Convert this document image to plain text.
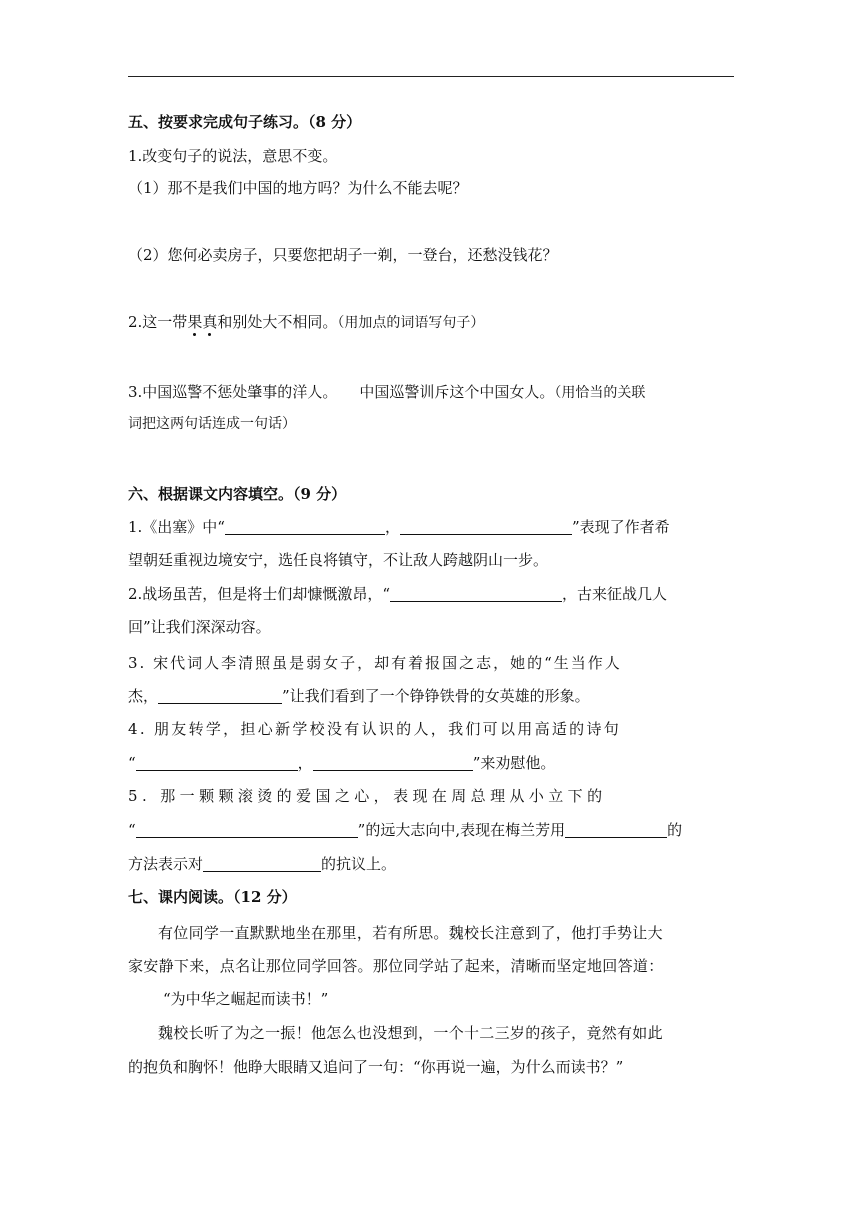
五、按要求完成句子练习。（8 分）
1.改变句子的说法，意思不变。
（1）那不是我们中国的地方吗？为什么不能去呢？
（2）您何必卖房子，只要您把胡子一剃，一登台，还愁没钱花？
2.这一带果真和别处大不相同。（用加点的词语写句子）
3.中国巡警不惩处肇事的洋人。 中国巡警训斥这个中国女人。（用恰当的关联
词把这两句话连成一句话）
六、根据课文内容填空。（9 分）
1.《出塞》中“	，	”表现了作者希
望朝廷重视边境安宁，选任良将镇守，不让敌人跨越阴山一步。
2.战场虽苦，但是将士们却慷慨激昂，“	，古来征战几人
回”让我们深深动容。
3. 宋代词人李清照虽是弱女子，却有着报国之志，她的“生当作人
杰，	”让我们看到了一个铮铮铁骨的女英雄的形象。
4. 朋友转学，担心新学校没有认识的人，我们可以用高适的诗句
“	，	”来劝慰他。
5. 那一颗颗滚烫的爱国之心，表现在周总理从小立下的
“	”的远大志向中,表现在梅兰芳用	的
方法表示对	的抗议上。
七、课内阅读。（12 分）
有位同学一直默默地坐在那里，若有所思。魏校长注意到了，他打手势让大
家安静下来，点名让那位同学回答。那位同学站了起来，清晰而坚定地回答道：
“为中华之崛起而读书！”
魏校长听了为之一振！他怎么也没想到，一个十二三岁的孩子，竟然有如此
的抱负和胸怀！他睁大眼睛又追问了一句：“你再说一遍，为什么而读书？”
